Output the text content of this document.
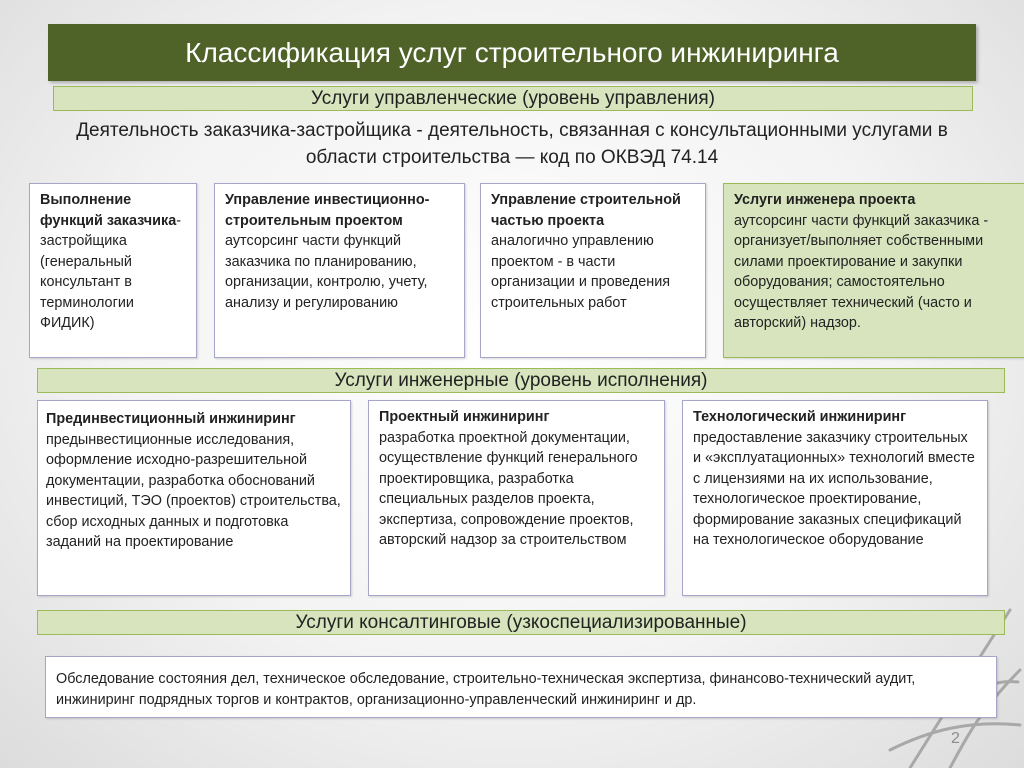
Классификация услуг строительного инжиниринга
Услуги управленческие (уровень управления)
Деятельность заказчика-застройщика - деятельность, связанная с консультационными услугами в области строительства — код по ОКВЭД 74.14
Выполнение функций заказчика-застройщика (генеральный консультант в терминологии ФИДИК)
Управление инвестиционно-строительным проектом
аутсорсинг части функций заказчика по планированию, организации, контролю, учету, анализу и регулированию
Управление строительной частью проекта
аналогично управлению проектом - в части организации и проведения строительных работ
Услуги инженера проекта
аутсорсинг части функций заказчика - организует/выполняет собственными силами проектирование и закупки оборудования; самостоятельно осуществляет технический (часто и авторский) надзор.
Услуги инженерные (уровень исполнения)
Прединвестиционный инжиниринг предынвестиционные исследования, оформление исходно-разрешительной документации, разработка обоснований инвестиций, ТЭО (проектов) строительства, сбор исходных данных и подготовка заданий на проектирование
Проектный инжиниринг
разработка проектной документации, осуществление функций генерального проектировщика, разработка специальных разделов проекта, экспертиза, сопровождение проектов, авторский надзор за строительством
Технологический инжиниринг
предоставление заказчику строительных и «эксплуатационных» технологий вместе с лицензиями на их использование, технологическое проектирование, формирование заказных спецификаций на технологическое оборудование
Услуги консалтинговые (узкоспециализированные)
Обследование состояния дел, техническое обследование, строительно-техническая экспертиза, финансово-технический аудит, инжиниринг подрядных торгов и контрактов, организационно-управленческий инжиниринг и др.
2
